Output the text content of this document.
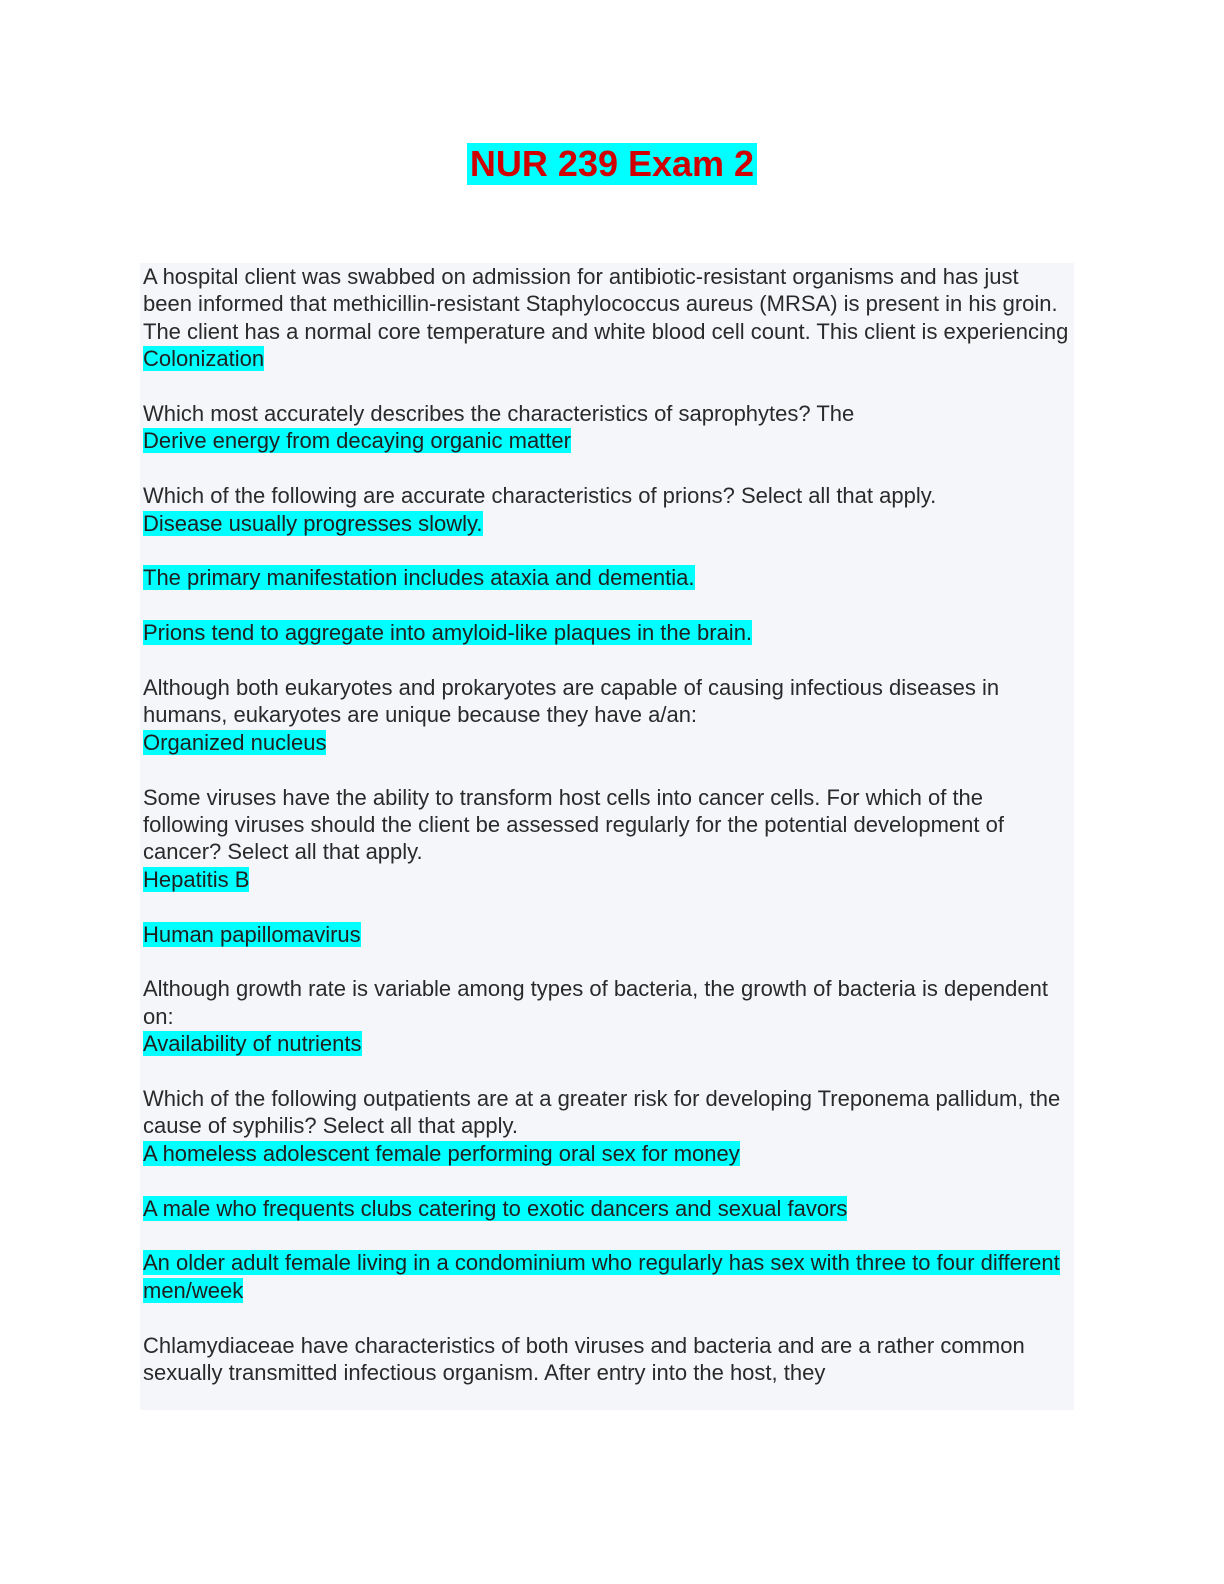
NUR 239 Exam 2

A hospital client was swabbed on admission for antibiotic-resistant organisms and has just been informed that methicillin-resistant Staphylococcus aureus (MRSA) is present in his groin. The client has a normal core temperature and white blood cell count. This client is experiencing

Colonization

Which most accurately describes the characteristics of saprophytes? The

Derive energy from decaying organic matter

Which of the following are accurate characteristics of prions? Select all that apply.

Disease usually progresses slowly.

The primary manifestation includes ataxia and dementia.

Prions tend to aggregate into amyloid-like plaques in the brain.

Although both eukaryotes and prokaryotes are capable of causing infectious diseases in humans, eukaryotes are unique because they have a/an:

Organized nucleus

Some viruses have the ability to transform host cells into cancer cells. For which of the following viruses should the client be assessed regularly for the potential development of cancer? Select all that apply.

Hepatitis B

Human papillomavirus

Although growth rate is variable among types of bacteria, the growth of bacteria is dependent on:

Availability of nutrients

Which of the following outpatients are at a greater risk for developing Treponema pallidum, the cause of syphilis? Select all that apply.

A homeless adolescent female performing oral sex for money

A male who frequents clubs catering to exotic dancers and sexual favors

An older adult female living in a condominium who regularly has sex with three to four different men/week

Chlamydiaceae have characteristics of both viruses and bacteria and are a rather common sexually transmitted infectious organism. After entry into the host, they
